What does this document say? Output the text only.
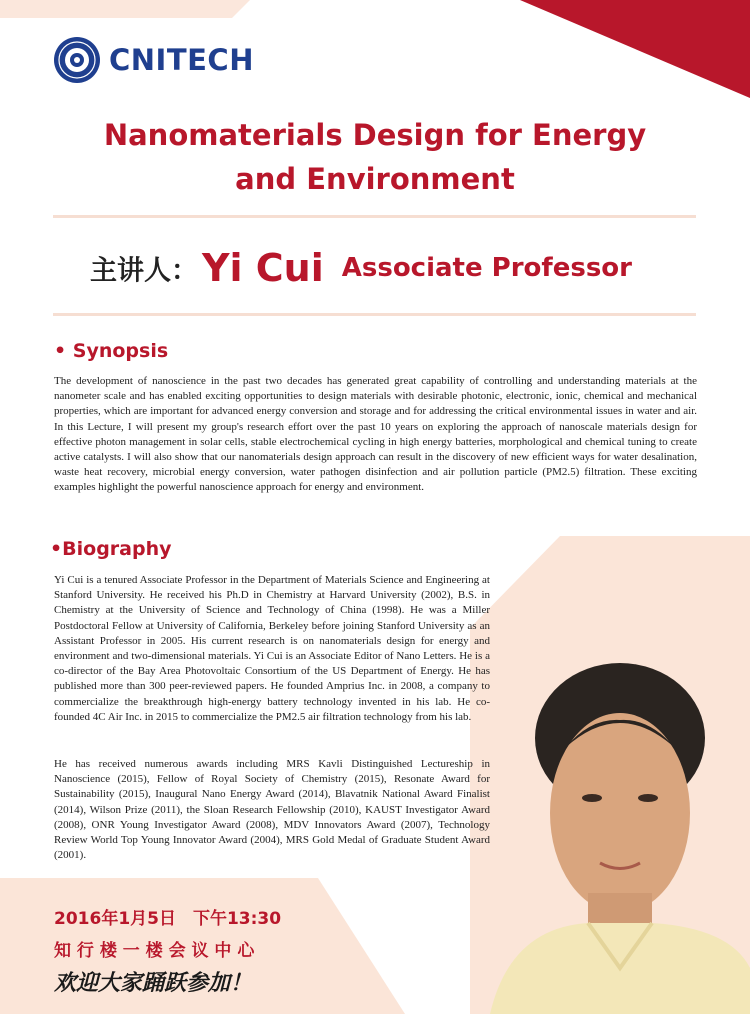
CNITECH
Nanomaterials Design for Energy
and Environment
主讲人： Yi Cui Associate Professor
• Synopsis
The development of nanoscience in the past two decades has generated great capability of controlling and understanding materials at the nanometer scale and has enabled exciting opportunities to design materials with desirable photonic, electronic, ionic, chemical and mechanical properties, which are important for advanced energy conversion and storage and for addressing the critical environmental issues in water and air. In this Lecture, I will present my group's research effort over the past 10 years on exploring the approach of nanoscale materials design for effective photon management in solar cells, stable electrochemical cycling in high energy batteries, morphological and chemical tuning to create active catalysts. I will also show that our nanomaterials design approach can result in the discovery of new efficient ways for water desalination, waste heat recovery, microbial energy conversion, water pathogen disinfection and air pollution particle (PM2.5) filtration. These exciting examples highlight the powerful nanoscience approach for energy and environment.
•Biography
Yi Cui is a tenured Associate Professor in the Department of Materials Science and Engineering at Stanford University. He received his Ph.D in Chemistry at Harvard University (2002), B.S. in Chemistry at the University of Science and Technology of China (1998). He was a Miller Postdoctoral Fellow at University of California, Berkeley before joining Stanford University as an Assistant Professor in 2005. His current research is on nanomaterials design for energy and environment and two-dimensional materials. Yi Cui is an Associate Editor of Nano Letters. He is a co-director of the Bay Area Photovoltaic Consortium of the US Department of Energy. He has published more than 300 peer-reviewed papers. He founded Amprius Inc. in 2008, a company to commercialize the breakthrough high-energy battery technology invented in his lab. He co-founded 4C Air Inc. in 2015 to commercialize the PM2.5 air filtration technology from his lab.
He has received numerous awards including MRS Kavli Distinguished Lectureship in Nanoscience (2015), Fellow of Royal Society of Chemistry (2015), Resonate Award for Sustainability (2015), Inaugural Nano Energy Award (2014), Blavatnik National Award Finalist (2014), Wilson Prize (2011), the Sloan Research Fellowship (2010), KAUST Investigator Award (2008), ONR Young Investigator Award (2008), MDV Innovators Award (2007), Technology Review World Top Young Innovator Award (2004), MRS Gold Medal of Graduate Student Award (2001).
2016年1月5日　下午13:30
知 行 楼 一 楼 会 议 中 心
欢迎大家踊跃参加！
